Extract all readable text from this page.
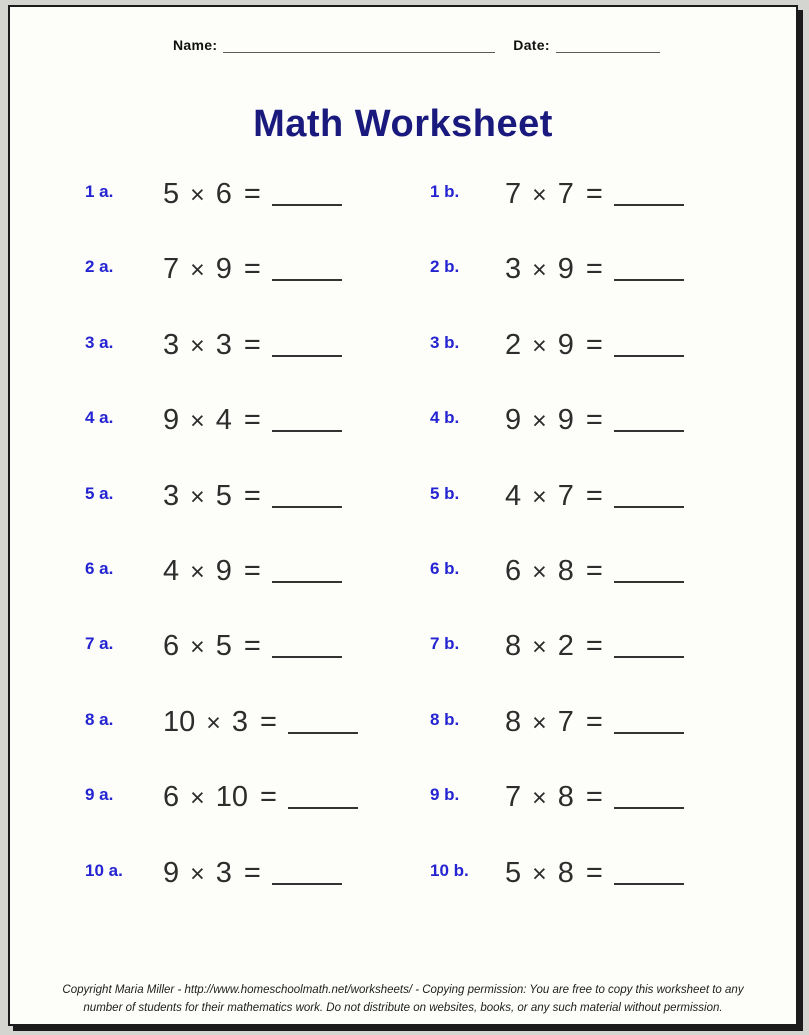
Name:	Date:
Math Worksheet
1 a.	5 × 6 =	1 b.	7 × 7 =
2 a.	7 × 9 =	2 b.	3 × 9 =
3 a.	3 × 3 =	3 b.	2 × 9 =
4 a.	9 × 4 =	4 b.	9 × 9 =
5 a.	3 × 5 =	5 b.	4 × 7 =
6 a.	4 × 9 =	6 b.	6 × 8 =
7 a.	6 × 5 =	7 b.	8 × 2 =
8 a.	10 × 3 =	8 b.	8 × 7 =
9 a.	6 × 10 =	9 b.	7 × 8 =
10 a.	9 × 3 =	10 b.	5 × 8 =
Copyright Maria Miller - http://www.homeschoolmath.net/worksheets/ - Copying permission: You are free to copy this worksheet to any
number of students for their mathematics work. Do not distribute on websites, books, or any such material without permission.
